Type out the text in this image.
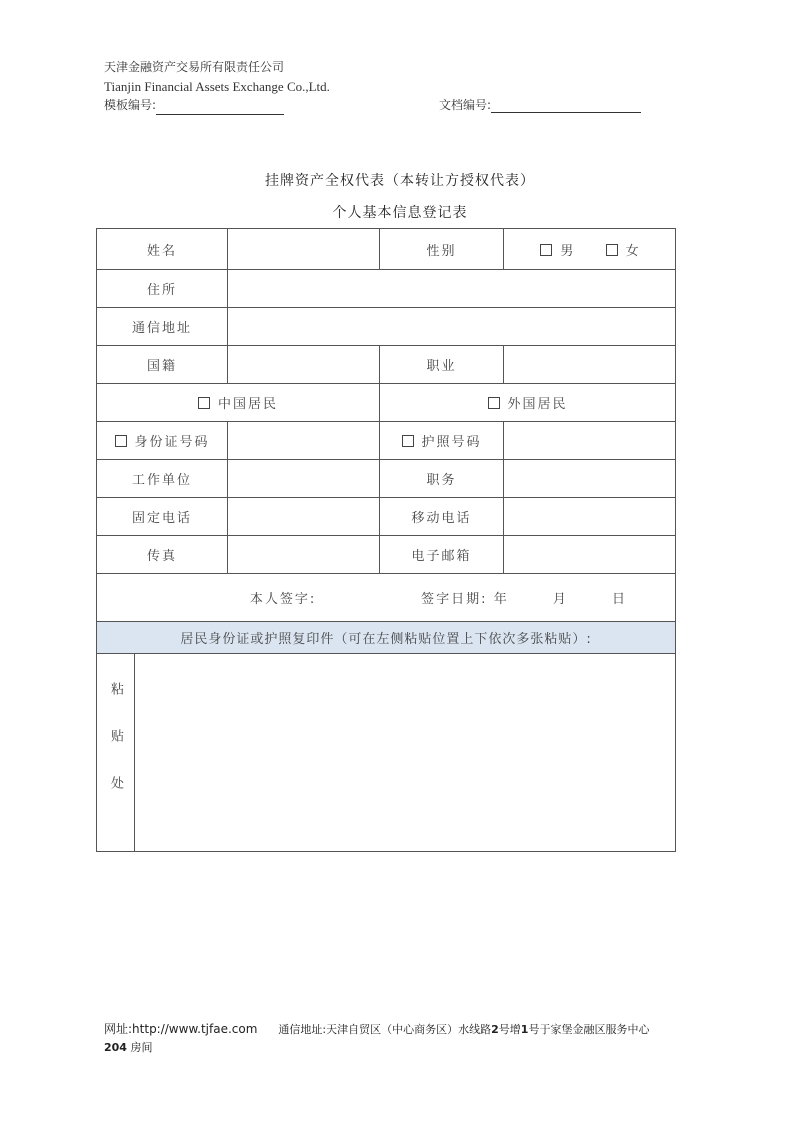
天津金融资产交易所有限责任公司
Tianjin Financial Assets Exchange Co.,Ltd.
模板编号:	文档编号:
挂牌资产全权代表（本转让方授权代表）
个人基本信息登记表
姓名			性别	男 女
住所				
通信地址				
国籍			职业	
中国居民			外国居民	
身份证号码			护照号码	
工作单位			职务	
固定电话			移动电话	
传真			电子邮箱	
本人签字: 签字日期: 年 月 日				

居民身份证或护照复印件（可在左侧粘贴位置上下依次多张粘贴）:				

粘贴处				

网址:http://www.tjfae.com 通信地址:天津自贸区（中心商务区）水线路2号增1号于家堡金融区服务中心
204 房间
